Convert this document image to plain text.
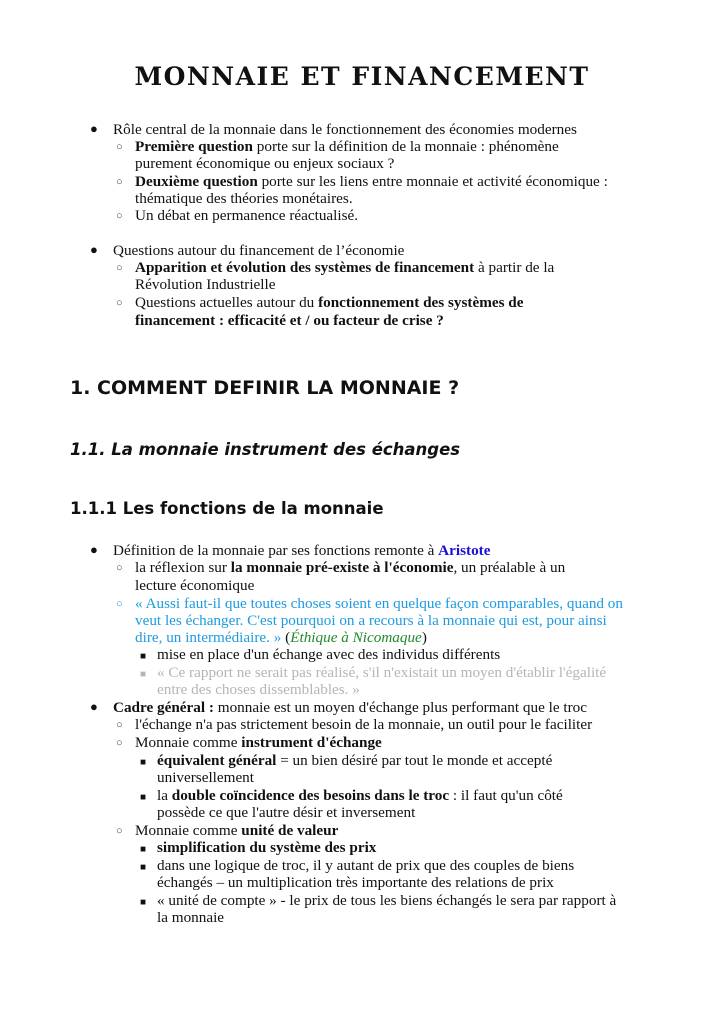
MONNAIE ET FINANCEMENT
● Rôle central de la monnaie dans le fonctionnement des économies modernes
○ Première question porte sur la définition de la monnaie : phénomène
purement économique ou enjeux sociaux ?
○ Deuxième question porte sur les liens entre monnaie et activité économique :
thématique des théories monétaires.
○ Un débat en permanence réactualisé.
● Questions autour du financement de l’économie
○ Apparition et évolution des systèmes de financement à partir de la
Révolution Industrielle
○ Questions actuelles autour du fonctionnement des systèmes de
financement : efficacité et / ou facteur de crise ?
1. COMMENT DEFINIR LA MONNAIE ?
1.1. La monnaie instrument des échanges
1.1.1 Les fonctions de la monnaie
● Définition de la monnaie par ses fonctions remonte à Aristote
○ la réflexion sur la monnaie pré-existe à l'économie, un préalable à un
lecture économique
○ « Aussi faut-il que toutes choses soient en quelque façon comparables, quand on
veut les échanger. C'est pourquoi on a recours à la monnaie qui est, pour ainsi
dire, un intermédiaire. » (Éthique à Nicomaque)
■ mise en place d'un échange avec des individus différents
■ « Ce rapport ne serait pas réalisé, s'il n'existait un moyen d'établir l'égalité
entre des choses dissemblables. »
● Cadre général : monnaie est un moyen d'échange plus performant que le troc
○ l'échange n'a pas strictement besoin de la monnaie, un outil pour le faciliter
○ Monnaie comme instrument d'échange
■ équivalent général = un bien désiré par tout le monde et accepté
universellement
■ la double coïncidence des besoins dans le troc : il faut qu'un côté
possède ce que l'autre désir et inversement
○ Monnaie comme unité de valeur
■ simplification du système des prix
■ dans une logique de troc, il y autant de prix que des couples de biens
échangés – un multiplication très importante des relations de prix
■ « unité de compte » - le prix de tous les biens échangés le sera par rapport à
la monnaie
